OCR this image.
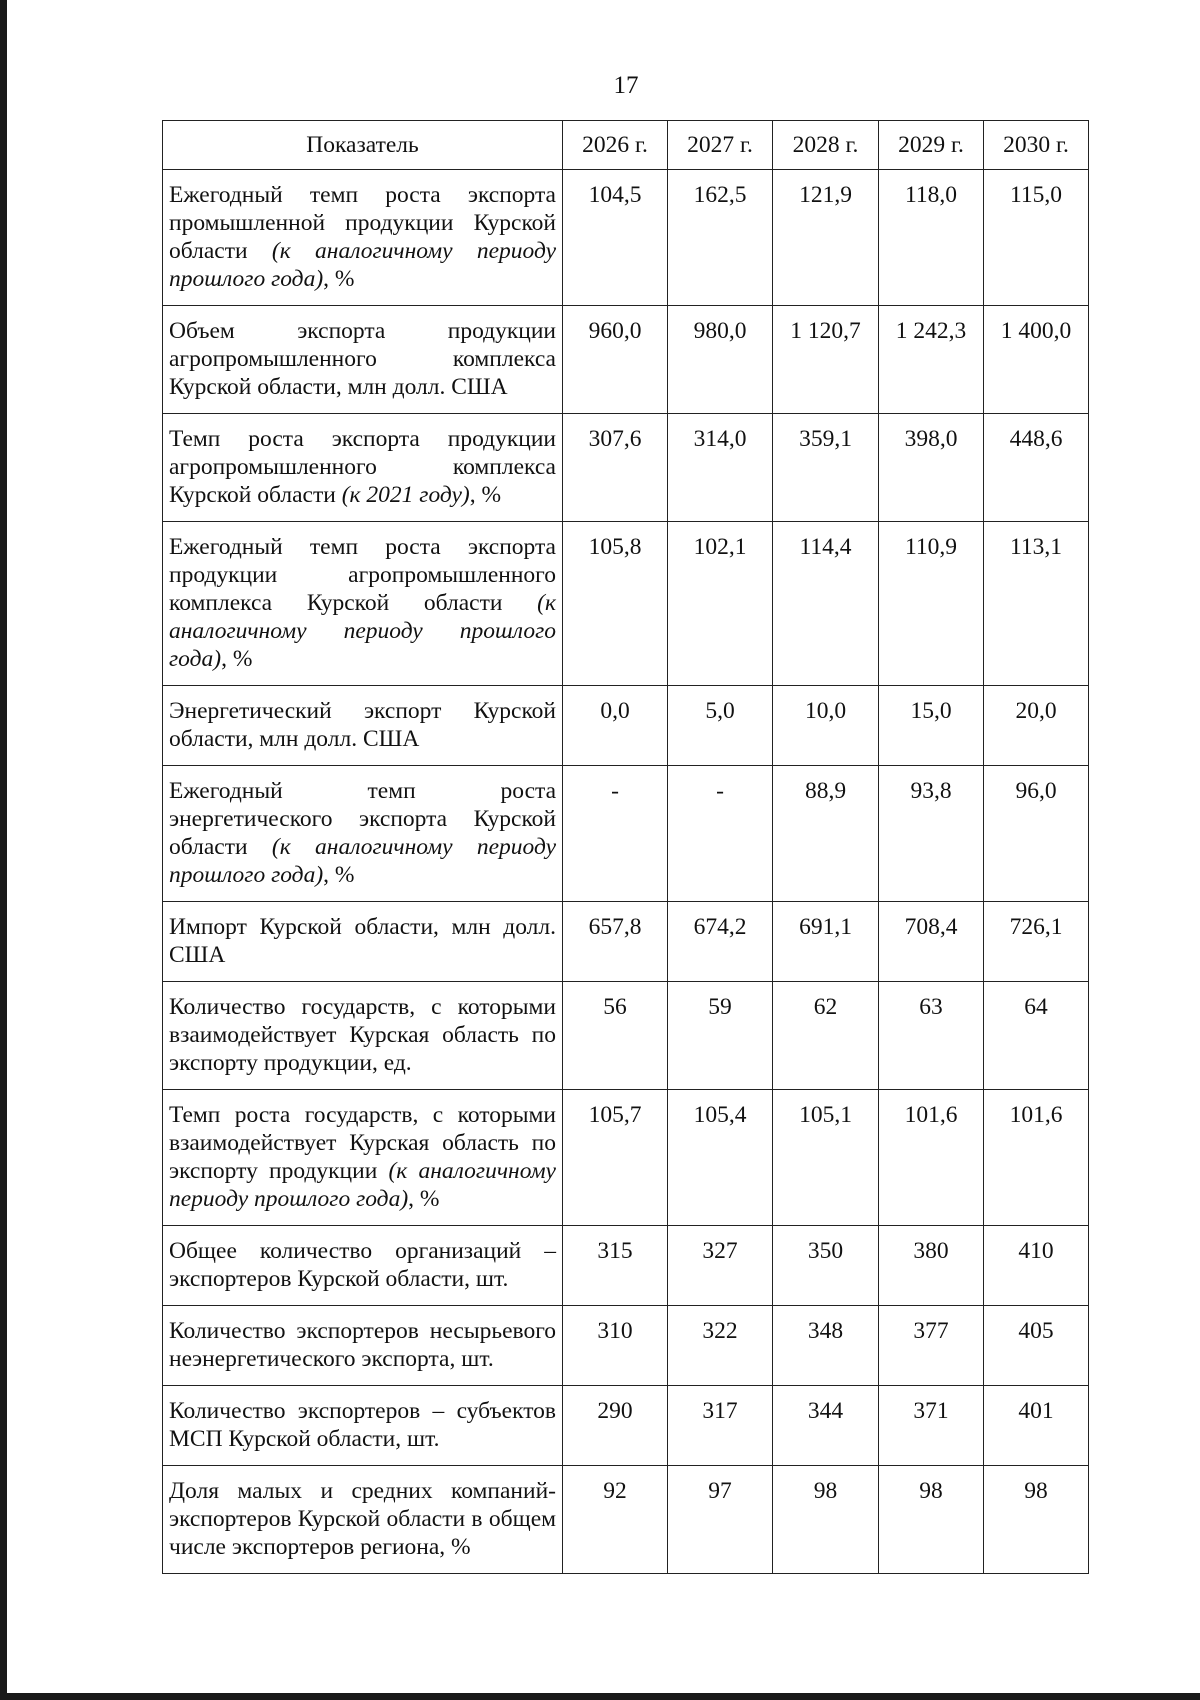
17
Показатель	2026 г.	2027 г.	2028 г.	2029 г.	2030 г.
Ежегодный темп роста экспорта промышленной продукции Курской области (к аналогичному периоду прошлого года), %	104,5	162,5	121,9	118,0	115,0
Объем экспорта продукции агропромышленного комплекса Курской области, млн долл. США	960,0	980,0	1 120,7	1 242,3	1 400,0
Темп роста экспорта продукции агропромышленного комплекса Курской области (к 2021 году), %	307,6	314,0	359,1	398,0	448,6
Ежегодный темп роста экспорта продукции агропромышленного комплекса Курской области (к аналогичному периоду прошлого года), %	105,8	102,1	114,4	110,9	113,1
Энергетический экспорт Курской области, млн долл. США	0,0	5,0	10,0	15,0	20,0
Ежегодный темп роста энергетического экспорта Курской области (к аналогичному периоду прошлого года), %	-	-	88,9	93,8	96,0
Импорт Курской области, млн долл. США	657,8	674,2	691,1	708,4	726,1
Количество государств, с которыми взаимодействует Курская область по экспорту продукции, ед.	56	59	62	63	64
Темп роста государств, с которыми взаимодействует Курская область по экспорту продукции (к аналогичному периоду прошлого года), %	105,7	105,4	105,1	101,6	101,6
Общее количество организаций – экспортеров Курской области, шт.	315	327	350	380	410
Количество экспортеров несырьевого неэнергетического экспорта, шт.	310	322	348	377	405
Количество экспортеров – субъектов МСП Курской области, шт.	290	317	344	371	401
Доля малых и средних компаний-экспортеров Курской области в общем числе экспортеров региона, %	92	97	98	98	98
